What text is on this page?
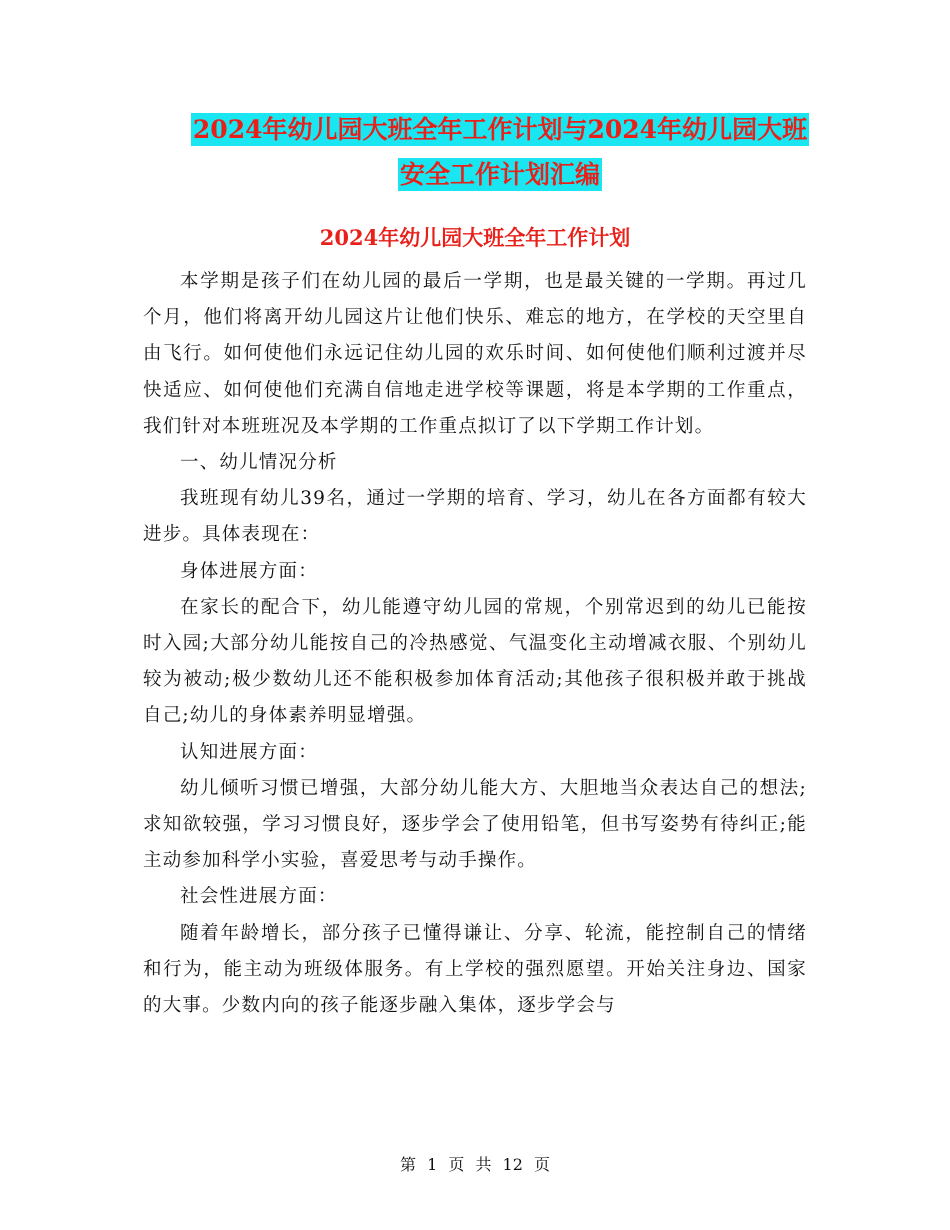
2024年幼儿园大班全年工作计划与2024年幼儿园大班
安全工作计划汇编
2024年幼儿园大班全年工作计划

本学期是孩子们在幼儿园的最后一学期，也是最关键的一学期。再过几个月，他们将离开幼儿园这片让他们快乐、难忘的地方，在学校的天空里自由飞行。如何使他们永远记住幼儿园的欢乐时间、如何使他们顺利过渡并尽快适应、如何使他们充满自信地走进学校等课题，将是本学期的工作重点，我们针对本班班况及本学期的工作重点拟订了以下学期工作计划。

一、幼儿情况分析

我班现有幼儿39名，通过一学期的培育、学习，幼儿在各方面都有较大进步。具体表现在：

身体进展方面：

在家长的配合下，幼儿能遵守幼儿园的常规，个别常迟到的幼儿已能按时入园;大部分幼儿能按自己的冷热感觉、气温变化主动增减衣服、个别幼儿较为被动;极少数幼儿还不能积极参加体育活动;其他孩子很积极并敢于挑战自己;幼儿的身体素养明显增强。

认知进展方面：

幼儿倾听习惯已增强，大部分幼儿能大方、大胆地当众表达自己的想法;求知欲较强，学习习惯良好，逐步学会了使用铅笔，但书写姿势有待纠正;能主动参加科学小实验，喜爱思考与动手操作。

社会性进展方面：

随着年龄增长，部分孩子已懂得谦让、分享、轮流，能控制自己的情绪和行为，能主动为班级体服务。有上学校的强烈愿望。开始关注身边、国家的大事。少数内向的孩子能逐步融入集体，逐步学会与

第 1 页 共 12 页
